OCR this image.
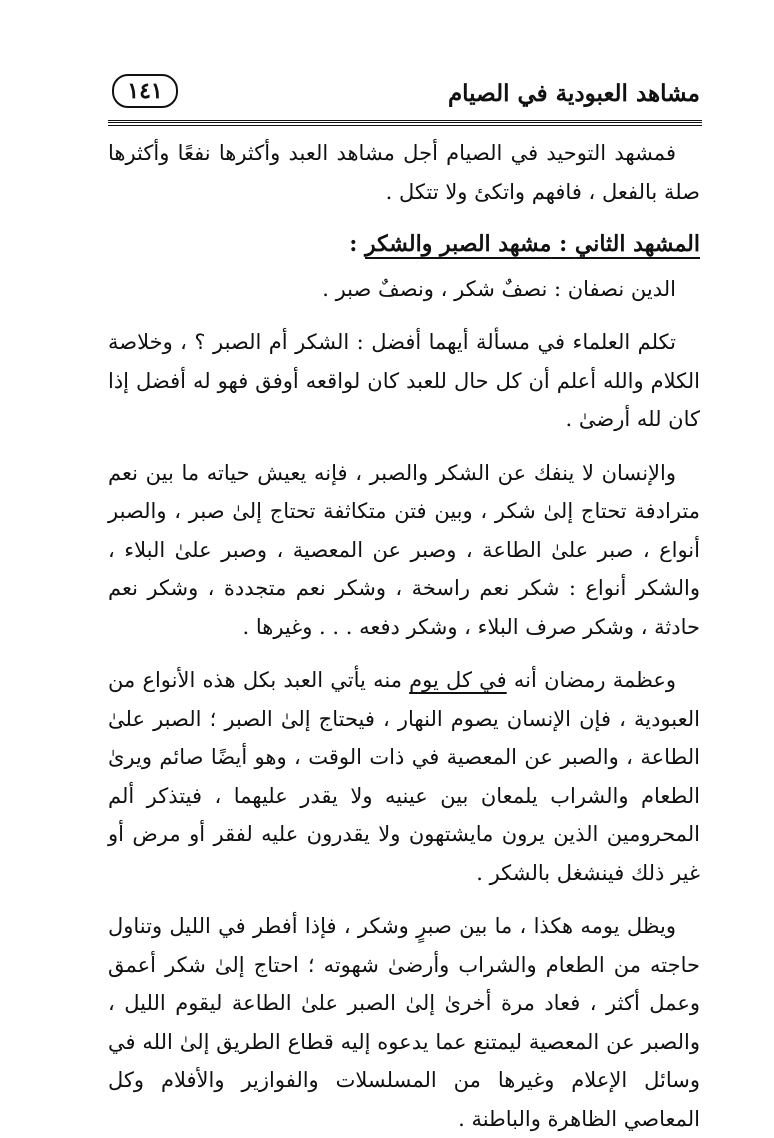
مشاهد العبودية في الصيام
١٤١

فمشهد التوحيد في الصيام أجل مشاهد العبد وأكثرها نفعًا وأكثرها صلة بالفعل ، فافهم واتكئ ولا تتكل .

المشهد الثاني : مشهد الصبر والشكر :

الدين نصفان : نصفٌ شكر ، ونصفٌ صبر .

تكلم العلماء في مسألة أيهما أفضل : الشكر أم الصبر ؟ ، وخلاصة الكلام والله أعلم أن كل حال للعبد كان لواقعه أوفق فهو له أفضل إذا كان لله أرضىٰ .

والإنسان لا ينفك عن الشكر والصبر ، فإنه يعيش حياته ما بين نعم مترادفة تحتاج إلىٰ شكر ، وبين فتن متكاثفة تحتاج إلىٰ صبر ، والصبر أنواع ، صبر علىٰ الطاعة ، وصبر عن المعصية ، وصبر علىٰ البلاء ، والشكر أنواع : شكر نعم راسخة ، وشكر نعم متجددة ، وشكر نعم حادثة ، وشكر صرف البلاء ، وشكر دفعه . . . وغيرها .

وعظمة رمضان أنه في كل يوم منه يأتي العبد بكل هذه الأنواع من العبودية ، فإن الإنسان يصوم النهار ، فيحتاج إلىٰ الصبر ؛ الصبر علىٰ الطاعة ، والصبر عن المعصية في ذات الوقت ، وهو أيضًا صائم ويرىٰ الطعام والشراب يلمعان بين عينيه ولا يقدر عليهما ، فيتذكر ألم المحرومين الذين يرون مايشتهون ولا يقدرون عليه لفقر أو مرض أو غير ذلك فينشغل بالشكر .

ويظل يومه هكذا ، ما بين صبرٍ وشكر ، فإذا أفطر في الليل وتناول حاجته من الطعام والشراب وأرضىٰ شهوته ؛ احتاج إلىٰ شكر أعمق وعمل أكثر ، فعاد مرة أخرىٰ إلىٰ الصبر علىٰ الطاعة ليقوم الليل ، والصبر عن المعصية ليمتنع عما يدعوه إليه قطاع الطريق إلىٰ الله في وسائل الإعلام وغيرها من المسلسلات والفوازير والأفلام وكل المعاصي الظاهرة والباطنة .
